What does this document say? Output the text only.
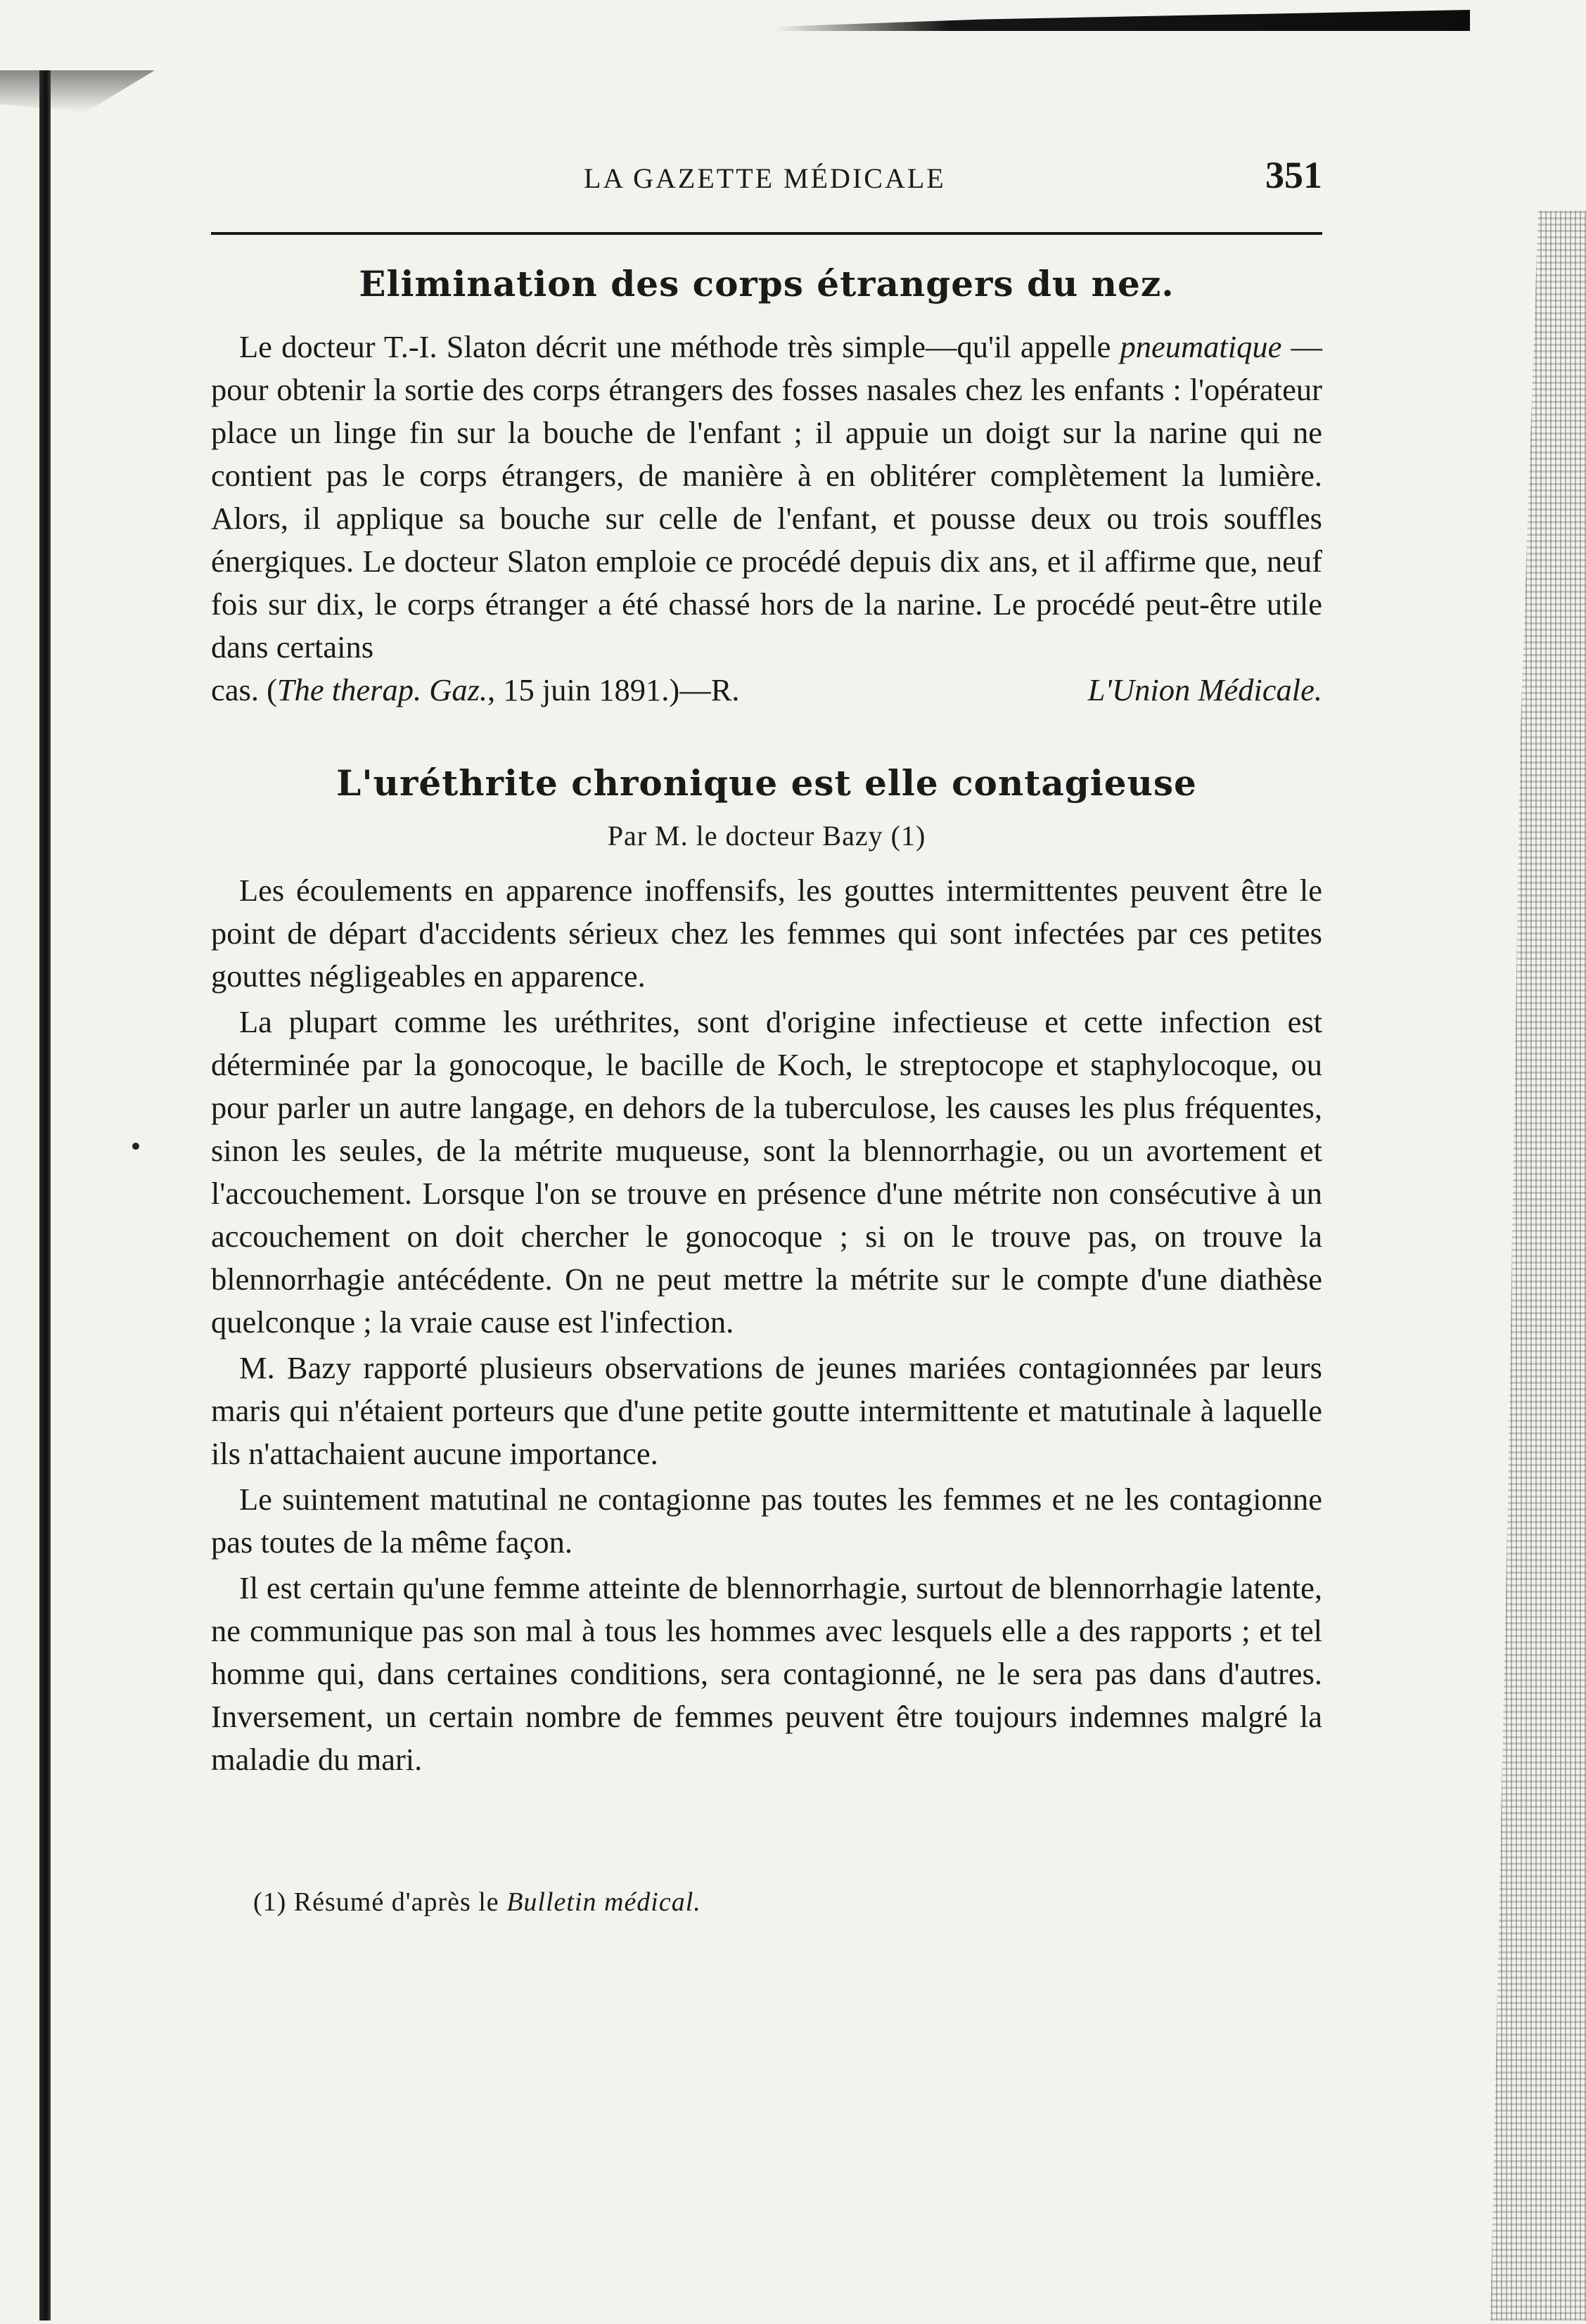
LA GAZETTE MÉDICALE	351
Elimination des corps étrangers du nez.

Le docteur T.-I. Slaton décrit une méthode très simple—qu'il appelle pneumatique —pour obtenir la sortie des corps étrangers des fosses nasales chez les enfants : l'opérateur place un linge fin sur la bouche de l'enfant ; il appuie un doigt sur la narine qui ne contient pas le corps étrangers, de manière à en oblitérer complètement la lumière. Alors, il applique sa bouche sur celle de l'enfant, et pousse deux ou trois souffles énergiques. Le docteur Slaton emploie ce procédé depuis dix ans, et il affirme que, neuf fois sur dix, le corps étranger a été chassé hors de la narine. Le procédé peut-être utile dans certains

cas. (The therap. Gaz., 15 juin 1891.)—R.	L'Union Médicale.
L'uréthrite chronique est elle contagieuse
Par M. le docteur Bazy (1)

Les écoulements en apparence inoffensifs, les gouttes intermittentes peuvent être le point de départ d'accidents sérieux chez les femmes qui sont infectées par ces petites gouttes négligeables en apparence.

La plupart comme les uréthrites, sont d'origine infectieuse et cette infection est déterminée par la gonocoque, le bacille de Koch, le streptocope et staphylocoque, ou pour parler un autre langage, en dehors de la tuberculose, les causes les plus fréquentes, sinon les seules, de la métrite muqueuse, sont la blennorrhagie, ou un avortement et l'accouchement. Lorsque l'on se trouve en présence d'une métrite non consécutive à un accouchement on doit chercher le gonocoque ; si on le trouve pas, on trouve la blennorrhagie antécédente. On ne peut mettre la métrite sur le compte d'une diathèse quelconque ; la vraie cause est l'infection.

M. Bazy rapporté plusieurs observations de jeunes mariées contagionnées par leurs maris qui n'étaient porteurs que d'une petite goutte intermittente et matutinale à laquelle ils n'attachaient aucune importance.

Le suintement matutinal ne contagionne pas toutes les femmes et ne les contagionne pas toutes de la même façon.

Il est certain qu'une femme atteinte de blennorrhagie, surtout de blennorrhagie latente, ne communique pas son mal à tous les hommes avec lesquels elle a des rapports ; et tel homme qui, dans certaines conditions, sera contagionné, ne le sera pas dans d'autres. Inversement, un certain nombre de femmes peuvent être toujours indemnes malgré la maladie du mari.

(1) Résumé d'après le Bulletin médical.
